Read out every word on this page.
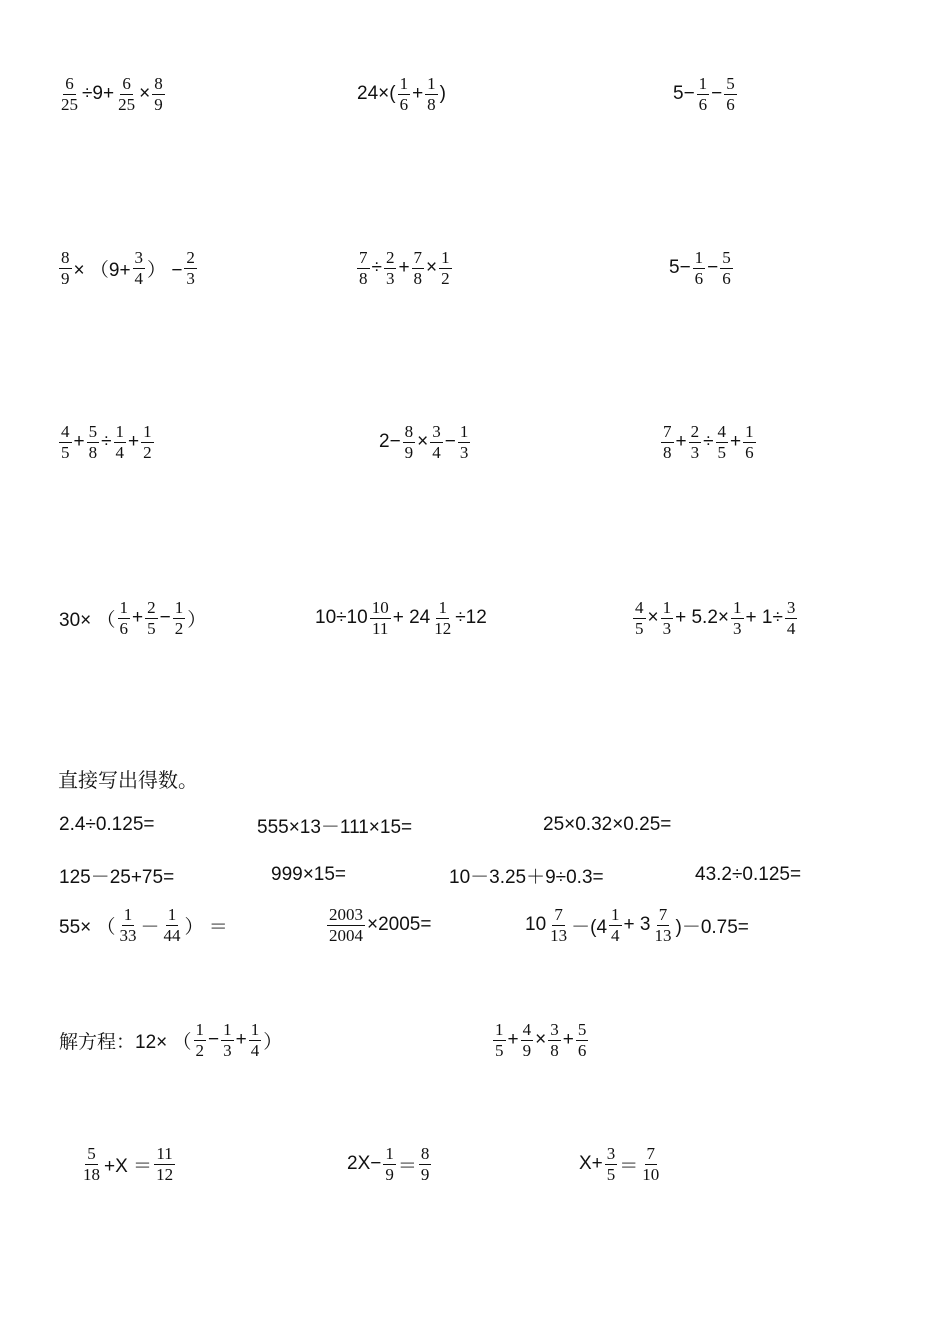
$\frac{6}{25} \div 9+ \frac{6}{25} \times \frac{8}{9}$	$24\times( \frac{1}{6} + \frac{1}{8}$ )	$5- \frac{1}{6} - \frac{5}{6}$
$\frac{8}{9} \times (9+ \frac{3}{4}$ ） − $\frac{2}{3}$	$\frac{7}{8} \div \frac{2}{3} + \frac{7}{8} \times \frac{1}{2}$	$5- \frac{1}{6} - \frac{5}{6}$
$\frac{4}{5} + \frac{5}{8} \div \frac{1}{4} + \frac{1}{2}$	$2- \frac{8}{9} \times \frac{3}{4} - \frac{1}{3}$	$\frac{7}{8} + \frac{2}{3} \div \frac{4}{5} + \frac{1}{6}$
30× （ $\frac{1}{6} + \frac{2}{5} - \frac{1}{2}$ ）	$10\div 10 \frac{10}{11} + 24 \frac{1}{12} \div 12$	$\frac{4}{5} \times \frac{1}{3} + 5.2\times \frac{1}{3} + 1\div \frac{3}{4}$
直接写出得数。
2.4÷0.125=	555×13－111×15=	25×0.32×0.25=
125－25+75=	999×15=	10－3.25＋9÷0.3=	43.2÷0.125=
55× （ $\frac{1}{33} - \frac{1}{44}$ ） ＝	$\frac{2003}{2004} \times 2005=$	$10 \frac{7}{13} -(4 \frac{1}{4} + 3 \frac{7}{13} )-0.75=$
解方程：12× （ $\frac{1}{2} - \frac{1}{3} + \frac{1}{4}$ ）	$\frac{1}{5} + \frac{4}{9} \times \frac{3}{8} + \frac{5}{6}$
$\frac{5}{18} +X = \frac{11}{12}$	$2X- \frac{1}{9} = \frac{8}{9}$	$X+ \frac{3}{5} = \frac{7}{10}$
